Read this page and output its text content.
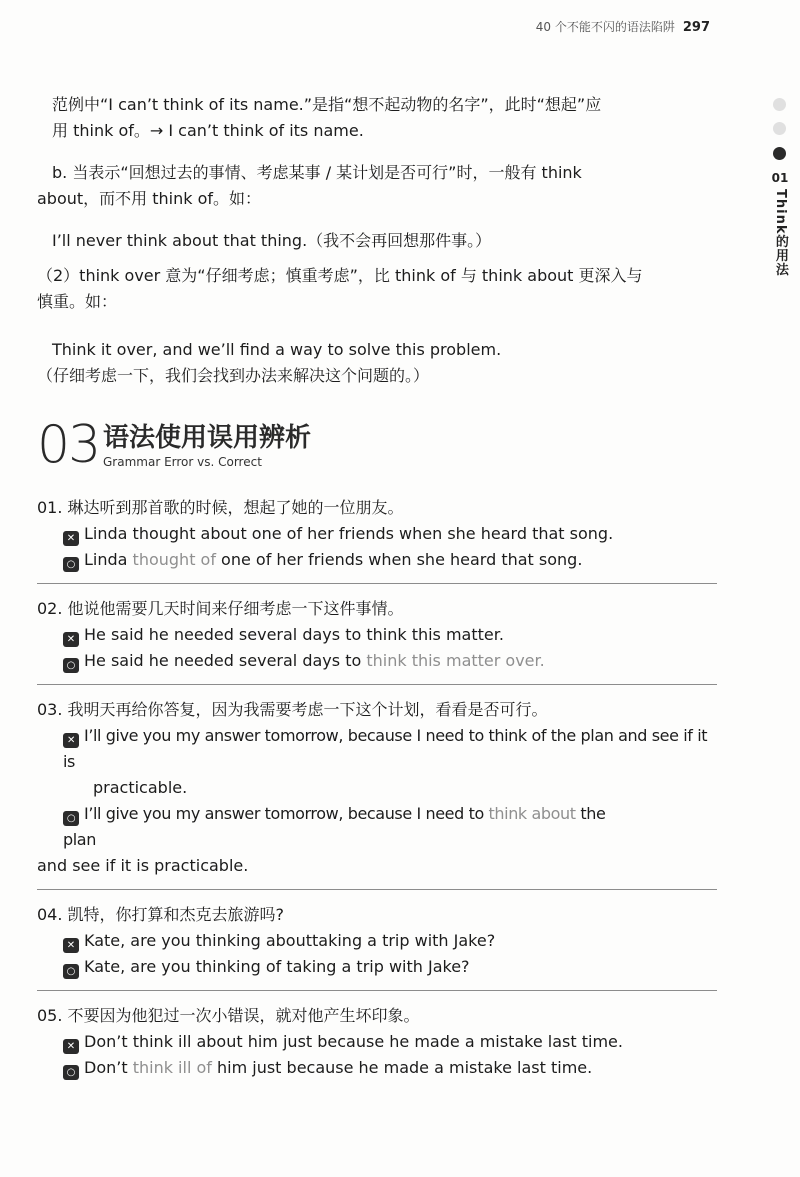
40 个不能不闪的语法陷阱 297
01
Think的用法

范例中“I can’t think of its name.”是指“想不起动物的名字”，此时“想起”应
用 think of。→ I can’t think of its name.

b. 当表示“回想过去的事情、考虑某事 / 某计划是否可行”时，一般有 think
about，而不用 think of。如：

I’ll never think about that thing.（我不会再回想那件事。）

（2）think over 意为“仔细考虑；慎重考虑”，比 think of 与 think about 更深入与
慎重。如：

Think it over, and we’ll find a way to solve this problem.
（仔细考虑一下，我们会找到办法来解决这个问题的。）

03 语法使用误用辨析
Grammar Error vs. Correct

01. 琳达听到那首歌的时候，想起了她的一位朋友。

✕ Linda thought about one of her friends when she heard that song.

○ Linda thought of one of her friends when she heard that song.

02. 他说他需要几天时间来仔细考虑一下这件事情。

✕ He said he needed several days to think this matter.

○ He said he needed several days to think this matter over.

03. 我明天再给你答复，因为我需要考虑一下这个计划，看看是否可行。

✕ I’ll give you my answer tomorrow, because I need to think of the plan and see if it is

practicable.

○ I’ll give you my answer tomorrow, because I need to think about theplan

and see if it is practicable.

04. 凯特，你打算和杰克去旅游吗?

✕ Kate, are you thinking abouttaking a trip with Jake?

○ Kate, are you thinking of taking a trip with Jake?

05. 不要因为他犯过一次小错误，就对他产生坏印象。

✕ Don’t think ill about him just because he made a mistake last time.

○ Don’t think ill of him just because he made a mistake last time.
